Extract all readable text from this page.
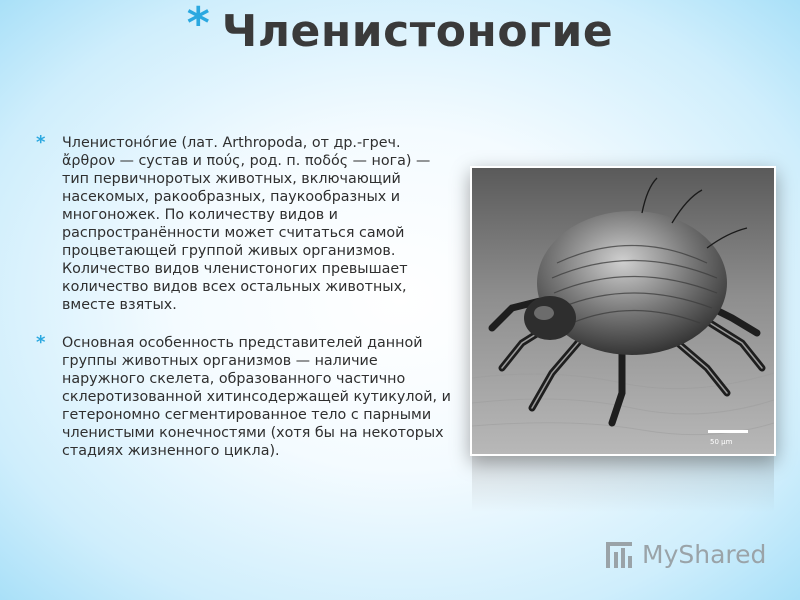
* Членистоногие
* Членистоно́гие (лат. Arthropoda, от др.-греч. ἄρθρον — сустав и πούς, род. п. ποδός — нога) — тип первичноротых животных, включающий насекомых, ракообразных, паукообразных и многоножек. По количеству видов и распространённости может считаться самой процветающей группой живых организмов. Количество видов членистоногих превышает количество видов всех остальных животных, вместе взятых.

* Основная особенность представителей данной группы животных организмов — наличие наружного скелета, образованного частично склеротизованной хитинсодержащей кутикулой, и гетерономно сегментированное тело с парными членистыми конечностями (хотя бы на некоторых стадиях жизненного цикла).

50 µm
MyShared
